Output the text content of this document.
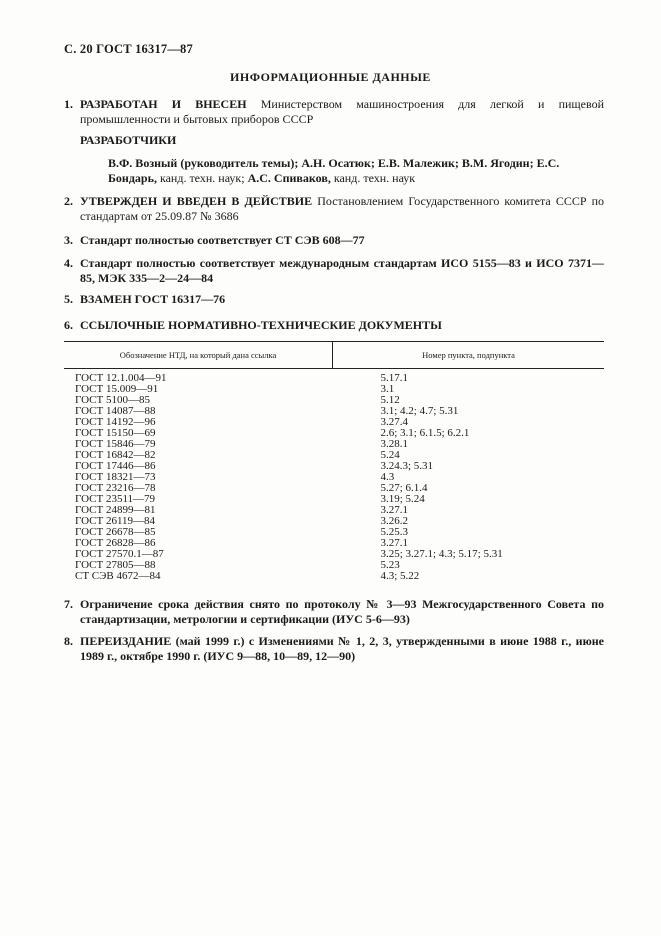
С. 20 ГОСТ 16317—87
ИНФОРМАЦИОННЫЕ ДАННЫЕ
1. РАЗРАБОТАН И ВНЕСЕН Министерством машиностроения для легкой и пищевой промышленности и бытовых приборов СССР
РАЗРАБОТЧИКИ
В.Ф. Возный (руководитель темы); А.Н. Осатюк; Е.В. Малежик; В.М. Ягодин; Е.С. Бондарь, канд. техн. наук; А.С. Спиваков, канд. техн. наук
2. УТВЕРЖДЕН И ВВЕДЕН В ДЕЙСТВИЕ Постановлением Государственного комитета СССР по стандартам от 25.09.87 № 3686
3. Стандарт полностью соответствует СТ СЭВ 608—77
4. Стандарт полностью соответствует международным стандартам ИСО 5155—83 и ИСО 7371—85, МЭК 335—2—24—84
5. ВЗАМЕН ГОСТ 16317—76
6. ССЫЛОЧНЫЕ НОРМАТИВНО-ТЕХНИЧЕСКИЕ ДОКУМЕНТЫ
Обозначение НТД, на который дана ссылка	Номер пункта, подпункта
ГОСТ 12.1.004—91	5.17.1
ГОСТ 15.009—91	3.1
ГОСТ 5100—85	5.12
ГОСТ 14087—88	3.1; 4.2; 4.7; 5.31
ГОСТ 14192—96	3.27.4
ГОСТ 15150—69	2.6; 3.1; 6.1.5; 6.2.1
ГОСТ 15846—79	3.28.1
ГОСТ 16842—82	5.24
ГОСТ 17446—86	3.24.3; 5.31
ГОСТ 18321—73	4.3
ГОСТ 23216—78	5.27; 6.1.4
ГОСТ 23511—79	3.19; 5.24
ГОСТ 24899—81	3.27.1
ГОСТ 26119—84	3.26.2
ГОСТ 26678—85	5.25.3
ГОСТ 26828—86	3.27.1
ГОСТ 27570.1—87	3.25; 3.27.1; 4.3; 5.17; 5.31
ГОСТ 27805—88	5.23
СТ СЭВ 4672—84	4.3; 5.22
7. Ограничение срока действия снято по протоколу № 3—93 Межгосударственного Совета по стандартизации, метрологии и сертификации (ИУС 5-6—93)
8. ПЕРЕИЗДАНИЕ (май 1999 г.) с Изменениями № 1, 2, 3, утвержденными в июне 1988 г., июне 1989 г., октябре 1990 г. (ИУС 9—88, 10—89, 12—90)
